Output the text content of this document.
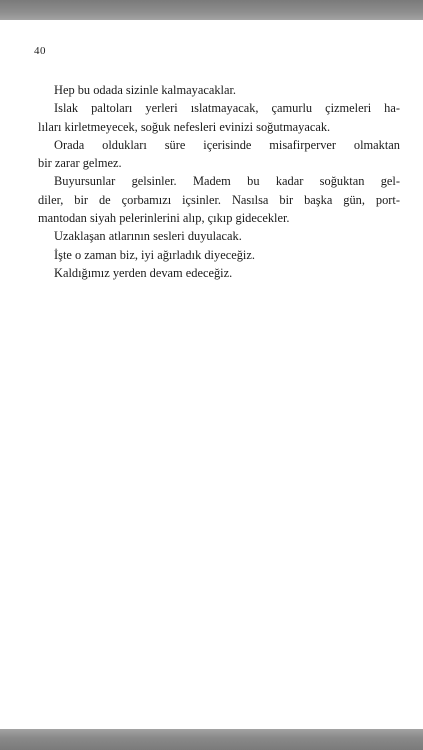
40
Hep bu odada sizinle kalmayacaklar.
Islak paltoları yerleri ıslatmayacak, çamurlu çizmeleri ha-
lıları kirletmeyecek, soğuk nefesleri evinizi soğutmayacak.
Orada oldukları süre içerisinde misafirperver olmaktan
bir zarar gelmez.
Buyursunlar gelsinler. Madem bu kadar soğuktan gel-
diler, bir de çorbamızı içsinler. Nasılsa bir başka gün, port-
mantodan siyah pelerinlerini alıp, çıkıp gidecekler.
Uzaklaşan atlarının sesleri duyulacak.
İşte o zaman biz, iyi ağırladık diyeceğiz.
Kaldığımız yerden devam edeceğiz.
